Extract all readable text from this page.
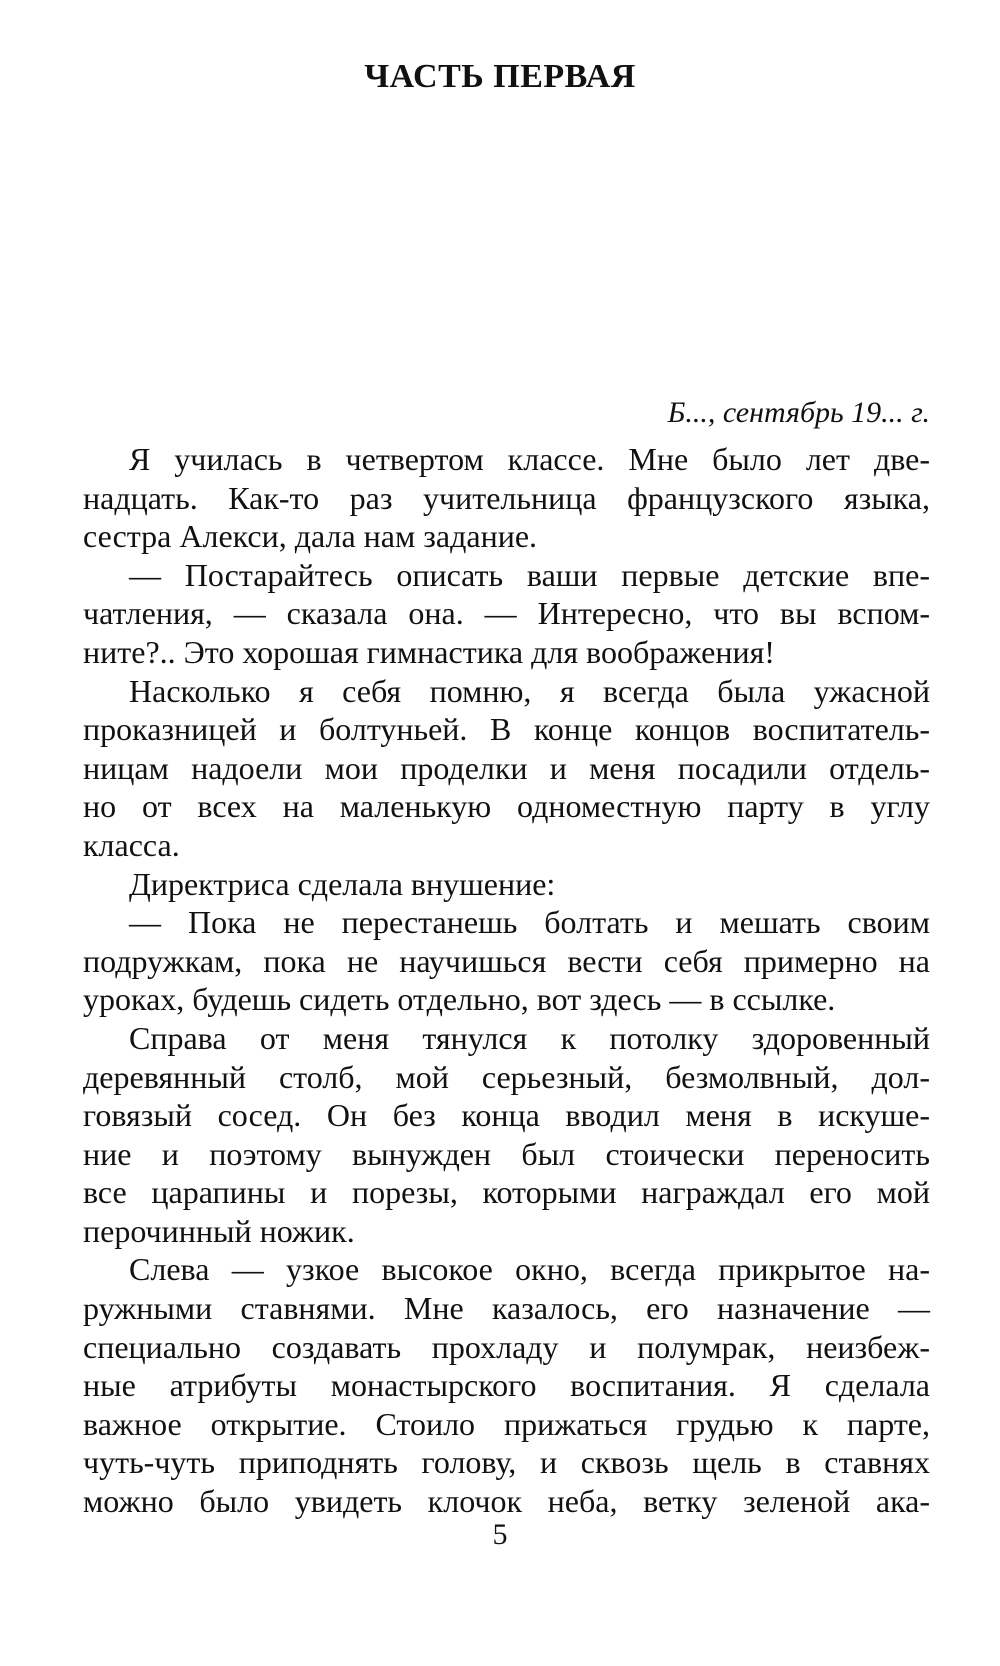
ЧАСТЬ ПЕРВАЯ
Б..., сентябрь 19... г.
Я училась в четвертом классе. Мне было лет две-
надцать. Как-то раз учительница французского языка,
сестра Алекси, дала нам задание.
— Постарайтесь описать ваши первые детские впе-
чатления, — сказала она. — Интересно, что вы вспом-
ните?.. Это хорошая гимнастика для воображения!
Насколько я себя помню, я всегда была ужасной
проказницей и болтуньей. В конце концов воспитатель-
ницам надоели мои проделки и меня посадили отдель-
но от всех на маленькую одноместную парту в углу
класса.
Директриса сделала внушение:
— Пока не перестанешь болтать и мешать своим
подружкам, пока не научишься вести себя примерно на
уроках, будешь сидеть отдельно, вот здесь — в ссылке.
Справа от меня тянулся к потолку здоровенный
деревянный столб, мой серьезный, безмолвный, дол-
говязый сосед. Он без конца вводил меня в искуше-
ние и поэтому вынужден был стоически переносить
все царапины и порезы, которыми награждал его мой
перочинный ножик.
Слева — узкое высокое окно, всегда прикрытое на-
ружными ставнями. Мне казалось, его назначение —
специально создавать прохладу и полумрак, неизбеж-
ные атрибуты монастырского воспитания. Я сделала
важное открытие. Стоило прижаться грудью к парте,
чуть-чуть приподнять голову, и сквозь щель в ставнях
можно было увидеть клочок неба, ветку зеленой ака-
5
